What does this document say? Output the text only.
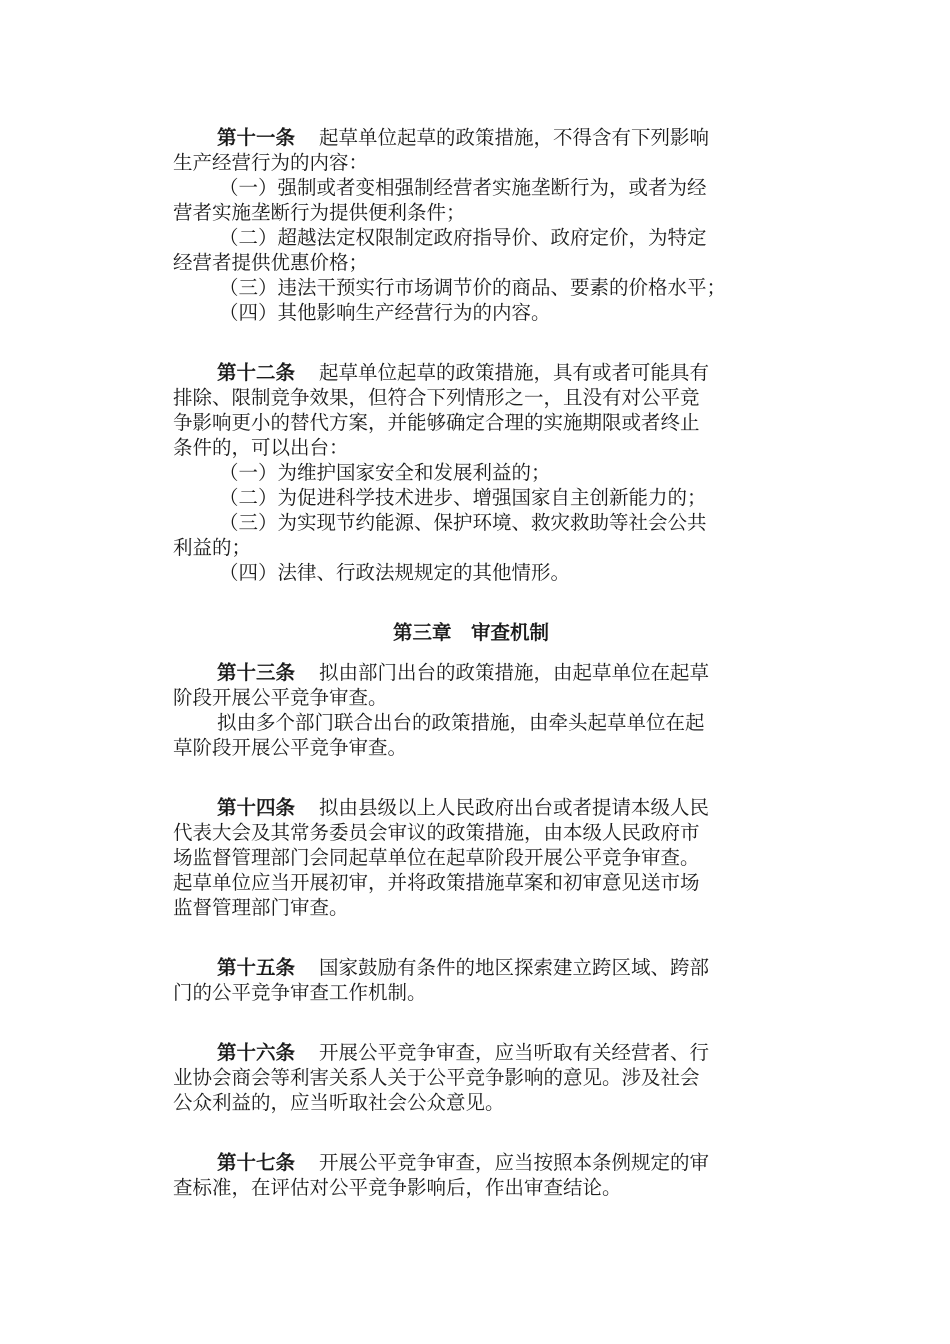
第十一条 起草单位起草的政策措施，不得含有下列影响
生产经营行为的内容：
（一）强制或者变相强制经营者实施垄断行为，或者为经
营者实施垄断行为提供便利条件；
（二）超越法定权限制定政府指导价、政府定价，为特定
经营者提供优惠价格；
（三）违法干预实行市场调节价的商品、要素的价格水平；
（四）其他影响生产经营行为的内容。
第十二条 起草单位起草的政策措施，具有或者可能具有
排除、限制竞争效果，但符合下列情形之一，且没有对公平竞
争影响更小的替代方案，并能够确定合理的实施期限或者终止
条件的，可以出台：
（一）为维护国家安全和发展利益的；
（二）为促进科学技术进步、增强国家自主创新能力的；
（三）为实现节约能源、保护环境、救灾救助等社会公共
利益的；
（四）法律、行政法规规定的其他情形。
第三章　审查机制
第十三条 拟由部门出台的政策措施，由起草单位在起草
阶段开展公平竞争审查。
拟由多个部门联合出台的政策措施，由牵头起草单位在起
草阶段开展公平竞争审查。
第十四条 拟由县级以上人民政府出台或者提请本级人民
代表大会及其常务委员会审议的政策措施，由本级人民政府市
场监督管理部门会同起草单位在起草阶段开展公平竞争审查。
起草单位应当开展初审，并将政策措施草案和初审意见送市场
监督管理部门审查。
第十五条 国家鼓励有条件的地区探索建立跨区域、跨部
门的公平竞争审查工作机制。
第十六条 开展公平竞争审查，应当听取有关经营者、行
业协会商会等利害关系人关于公平竞争影响的意见。涉及社会
公众利益的，应当听取社会公众意见。
第十七条 开展公平竞争审查，应当按照本条例规定的审
查标准，在评估对公平竞争影响后，作出审查结论。
